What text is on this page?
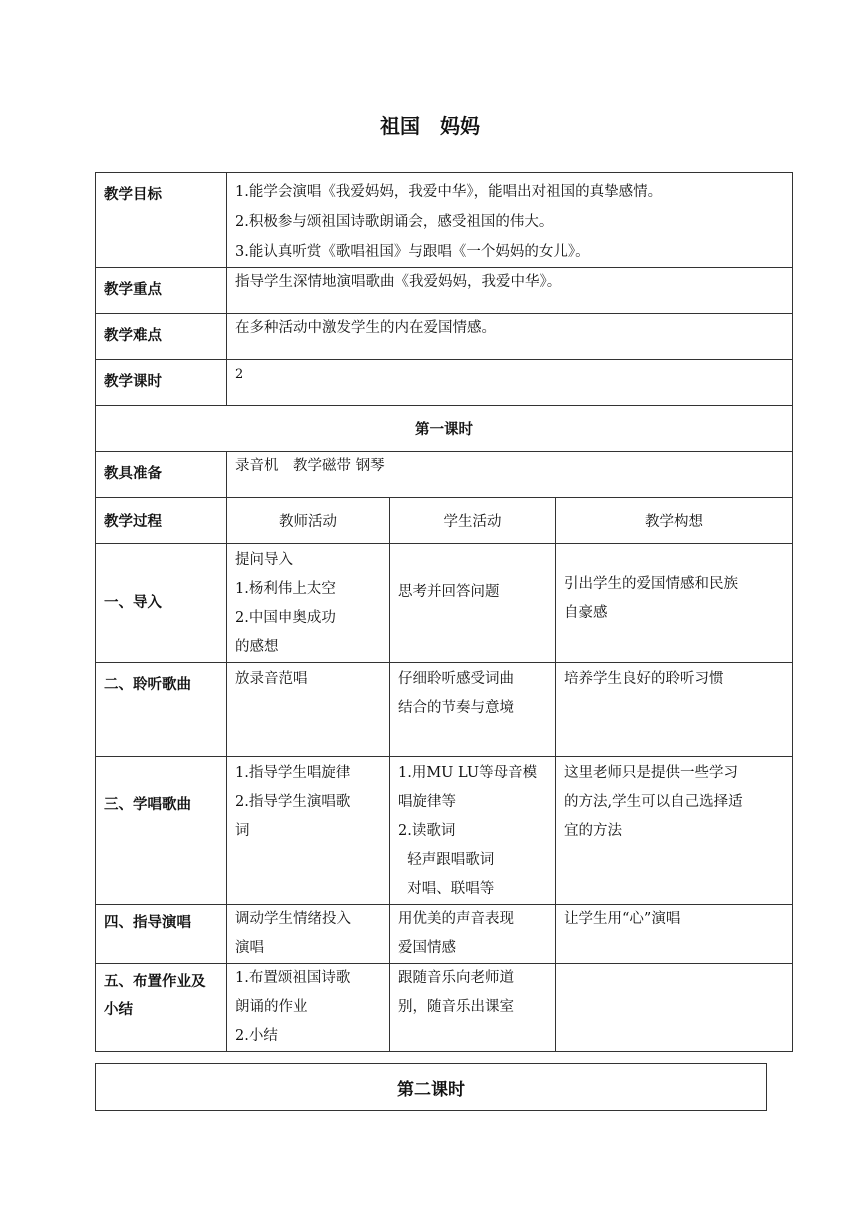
祖国　妈妈
教学目标	1.能学会演唱《我爱妈妈，我爱中华》，能唱出对祖国的真挚感情。
2.积极参与颂祖国诗歌朗诵会，感受祖国的伟大。
3.能认真听赏《歌唱祖国》与跟唱《一个妈妈的女儿》。		

教学重点	指导学生深情地演唱歌曲《我爱妈妈，我爱中华》。		
教学难点	在多种活动中激发学生的内在爱国情感。		
教学课时	2		
第一课时			
教具准备	录音机　教学磁带 钢琴		
教学过程	教师活动	学生活动	教学构想
一、导入	提问导入
1.杨利伟上太空
2.中国申奥成功
的感想	思考并回答问题	引出学生的爱国情感和民族
自豪感

二、聆听歌曲	放录音范唱	仔细聆听感受词曲
结合的节奏与意境	培养学生良好的聆听习惯

三、学唱歌曲	1.指导学生唱旋律
2.指导学生演唱歌
词	1.用MU LU等母音模
唱旋律等
2.读歌词
轻声跟唱歌词
对唱、联唱等	这里老师只是提供一些学习
的方法,学生可以自己选择适
宜的方法

四、指导演唱	调动学生情绪投入
演唱	用优美的声音表现
爱国情感	让学生用“心”演唱

五、布置作业及
小结	1.布置颂祖国诗歌
朗诵的作业
2.小结	跟随音乐向老师道
别，随音乐出课室	

第二课时
